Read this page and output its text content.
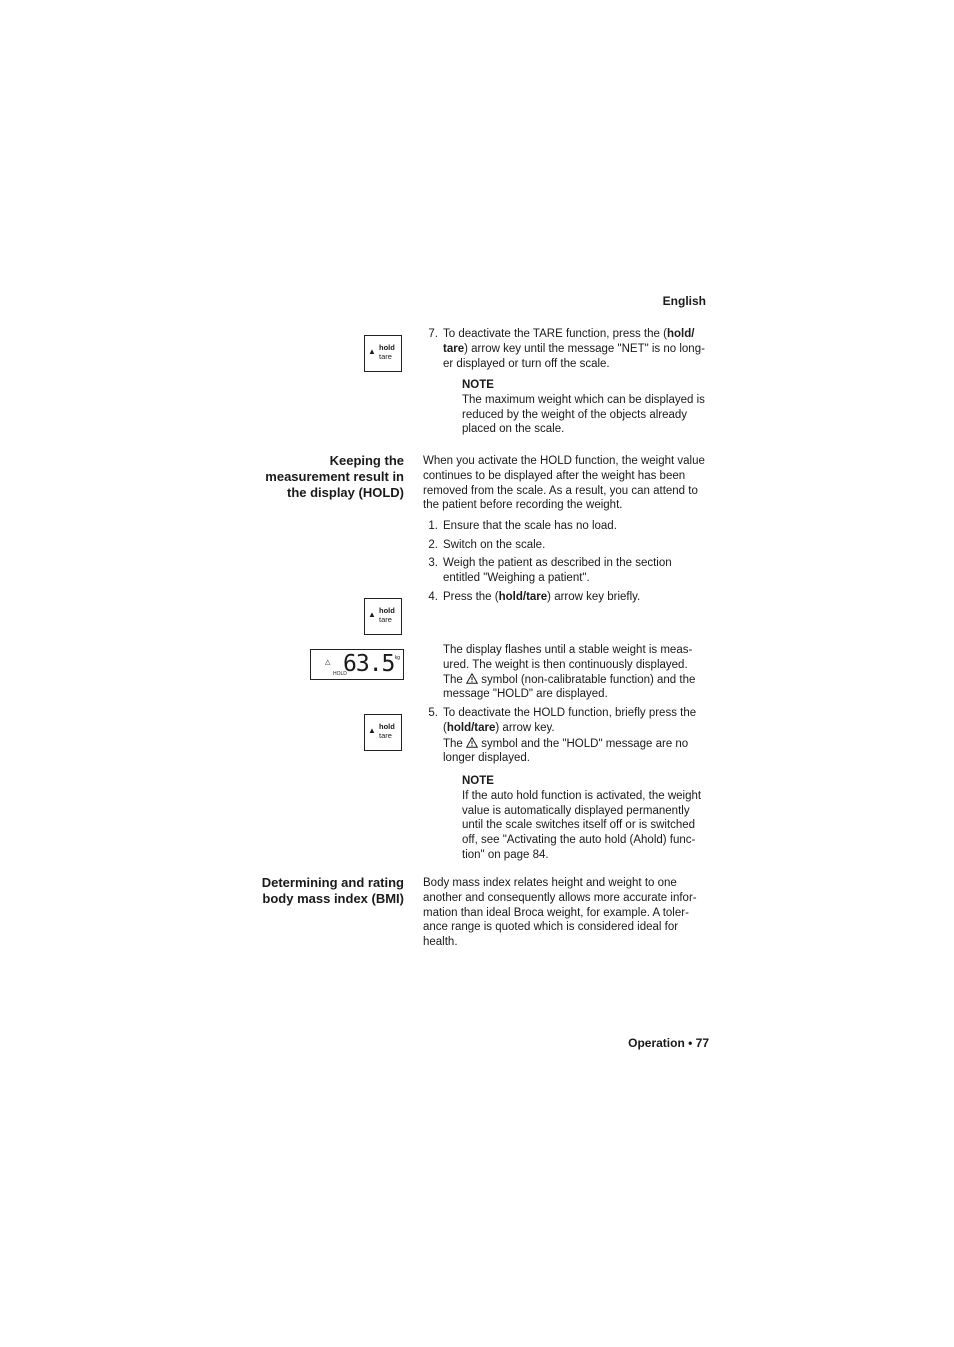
English
▲ hold
tare
7. To deactivate the TARE function, press the (hold/
tare) arrow key until the message "NET" is no long-
er displayed or turn off the scale.
NOTE
The maximum weight which can be displayed is
reduced by the weight of the objects already
placed on the scale.
Keeping the
measurement result in
the display (HOLD)
When you activate the HOLD function, the weight value
continues to be displayed after the weight has been
removed from the scale. As a result, you can attend to
the patient before recording the weight.
1. Ensure that the scale has no load.
2. Switch on the scale.
3. Weigh the patient as described in the section
entitled "Weighing a patient".
▲ hold
tare
4. Press the (hold/tare) arrow key briefly.
△ 63.5 kg
HOLD
The display flashes until a stable weight is meas-
ured. The weight is then continuously displayed.
The symbol (non-calibratable function) and the
message "HOLD" are displayed.
▲ hold
tare
5. To deactivate the HOLD function, briefly press the
(hold/tare) arrow key.
The symbol and the "HOLD" message are no
longer displayed.
NOTE
If the auto hold function is activated, the weight
value is automatically displayed permanently
until the scale switches itself off or is switched
off, see "Activating the auto hold (Ahold) func-
tion" on page 84.
Determining and rating
body mass index (BMI)
Body mass index relates height and weight to one
another and consequently allows more accurate infor-
mation than ideal Broca weight, for example. A toler-
ance range is quoted which is considered ideal for
health.
Operation • 77
